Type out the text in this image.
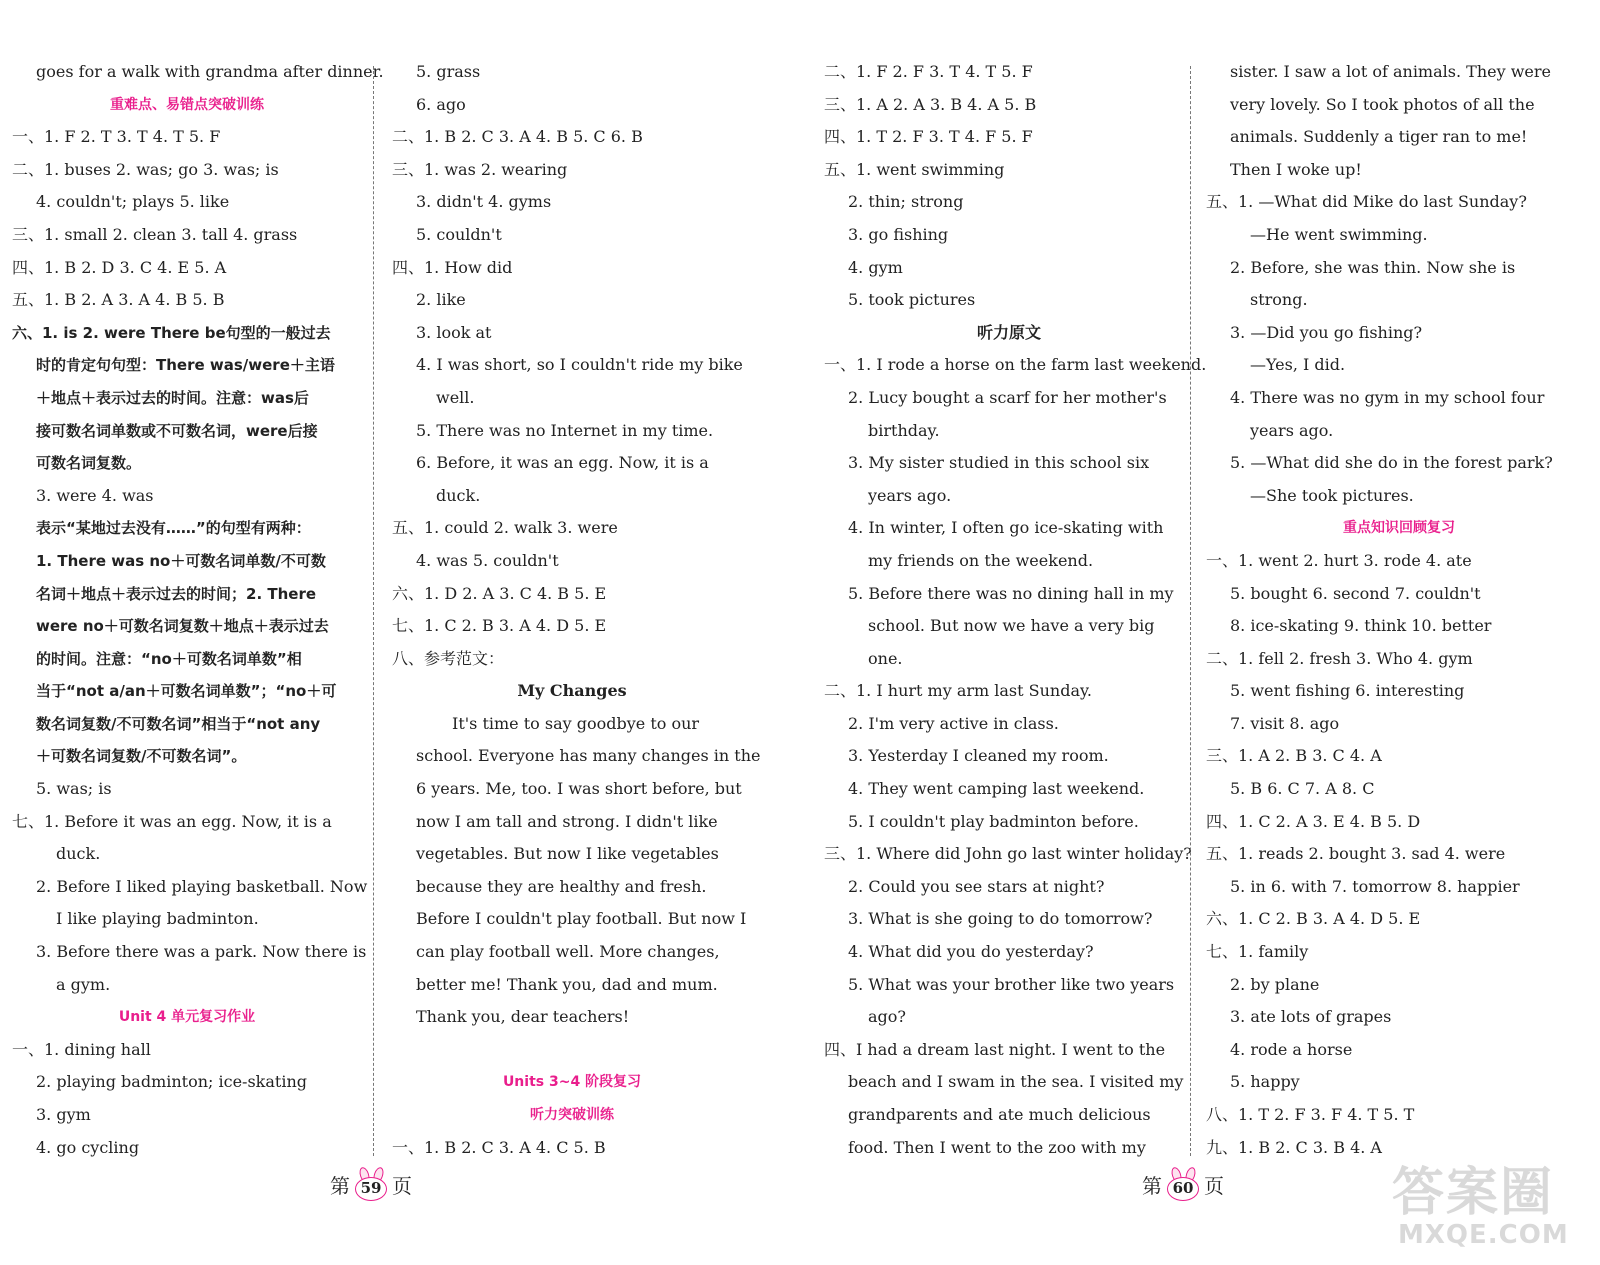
goes for a walk with grandma after dinner.
重难点、易错点突破训练
一、1. F 2. T 3. T 4. T 5. F
二、1. buses 2. was; go 3. was; is
4. couldn't; plays 5. like
三、1. small 2. clean 3. tall 4. grass
四、1. B 2. D 3. C 4. E 5. A
五、1. B 2. A 3. A 4. B 5. B
六、1. is 2. were There be句型的一般过去
时的肯定句句型：There was/were＋主语
＋地点＋表示过去的时间。注意：was后
接可数名词单数或不可数名词，were后接
可数名词复数。
3. were 4. was
表示“某地过去没有……”的句型有两种：
1. There was no＋可数名词单数/不可数
名词＋地点＋表示过去的时间；2. There
were no＋可数名词复数＋地点＋表示过去
的时间。注意：“no＋可数名词单数”相
当于“not a/an＋可数名词单数”；“no＋可
数名词复数/不可数名词”相当于“not any
＋可数名词复数/不可数名词”。
5. was; is
七、1. Before it was an egg. Now, it is a
duck.
2. Before I liked playing basketball. Now
I like playing badminton.
3. Before there was a park. Now there is
a gym.
Unit 4 单元复习作业
一、1. dining hall
2. playing badminton; ice-skating
3. gym
4. go cycling
5. grass
6. ago
二、1. B 2. C 3. A 4. B 5. C 6. B
三、1. was 2. wearing
3. didn't 4. gyms
5. couldn't
四、1. How did
2. like
3. look at
4. I was short, so I couldn't ride my bike
well.
5. There was no Internet in my time.
6. Before, it was an egg. Now, it is a
duck.
五、1. could 2. walk 3. were
4. was 5. couldn't
六、1. D 2. A 3. C 4. B 5. E
七、1. C 2. B 3. A 4. D 5. E
八、参考范文：
My Changes
It's time to say goodbye to our
school. Everyone has many changes in the
6 years. Me, too. I was short before, but
now I am tall and strong. I didn't like
vegetables. But now I like vegetables
because they are healthy and fresh.
Before I couldn't play football. But now I
can play football well. More changes,
better me! Thank you, dad and mum.
Thank you, dear teachers!
Units 3~4 阶段复习
听力突破训练
一、1. B 2. C 3. A 4. C 5. B
二、1. F 2. F 3. T 4. T 5. F
三、1. A 2. A 3. B 4. A 5. B
四、1. T 2. F 3. T 4. F 5. F
五、1. went swimming
2. thin; strong
3. go fishing
4. gym
5. took pictures
听力原文
一、1. I rode a horse on the farm last weekend.
2. Lucy bought a scarf for her mother's
birthday.
3. My sister studied in this school six
years ago.
4. In winter, I often go ice-skating with
my friends on the weekend.
5. Before there was no dining hall in my
school. But now we have a very big
one.
二、1. I hurt my arm last Sunday.
2. I'm very active in class.
3. Yesterday I cleaned my room.
4. They went camping last weekend.
5. I couldn't play badminton before.
三、1. Where did John go last winter holiday?
2. Could you see stars at night?
3. What is she going to do tomorrow?
4. What did you do yesterday?
5. What was your brother like two years
ago?
四、I had a dream last night. I went to the
beach and I swam in the sea. I visited my
grandparents and ate much delicious
food. Then I went to the zoo with my
sister. I saw a lot of animals. They were
very lovely. So I took photos of all the
animals. Suddenly a tiger ran to me!
Then I woke up!
五、1. —What did Mike do last Sunday?
—He went swimming.
2. Before, she was thin. Now she is
strong.
3. —Did you go fishing?
—Yes, I did.
4. There was no gym in my school four
years ago.
5. —What did she do in the forest park?
—She took pictures.
重点知识回顾复习
一、1. went 2. hurt 3. rode 4. ate
5. bought 6. second 7. couldn't
8. ice-skating 9. think 10. better
二、1. fell 2. fresh 3. Who 4. gym
5. went fishing 6. interesting
7. visit 8. ago
三、1. A 2. B 3. C 4. A
5. B 6. C 7. A 8. C
四、1. C 2. A 3. E 4. B 5. D
五、1. reads 2. bought 3. sad 4. were
5. in 6. with 7. tomorrow 8. happier
六、1. C 2. B 3. A 4. D 5. E
七、1. family
2. by plane
3. ate lots of grapes
4. rode a horse
5. happy
八、1. T 2. F 3. F 4. T 5. T
九、1. B 2. C 3. B 4. A
第 59 页	第 60 页	答案圈
MXQE.COM
